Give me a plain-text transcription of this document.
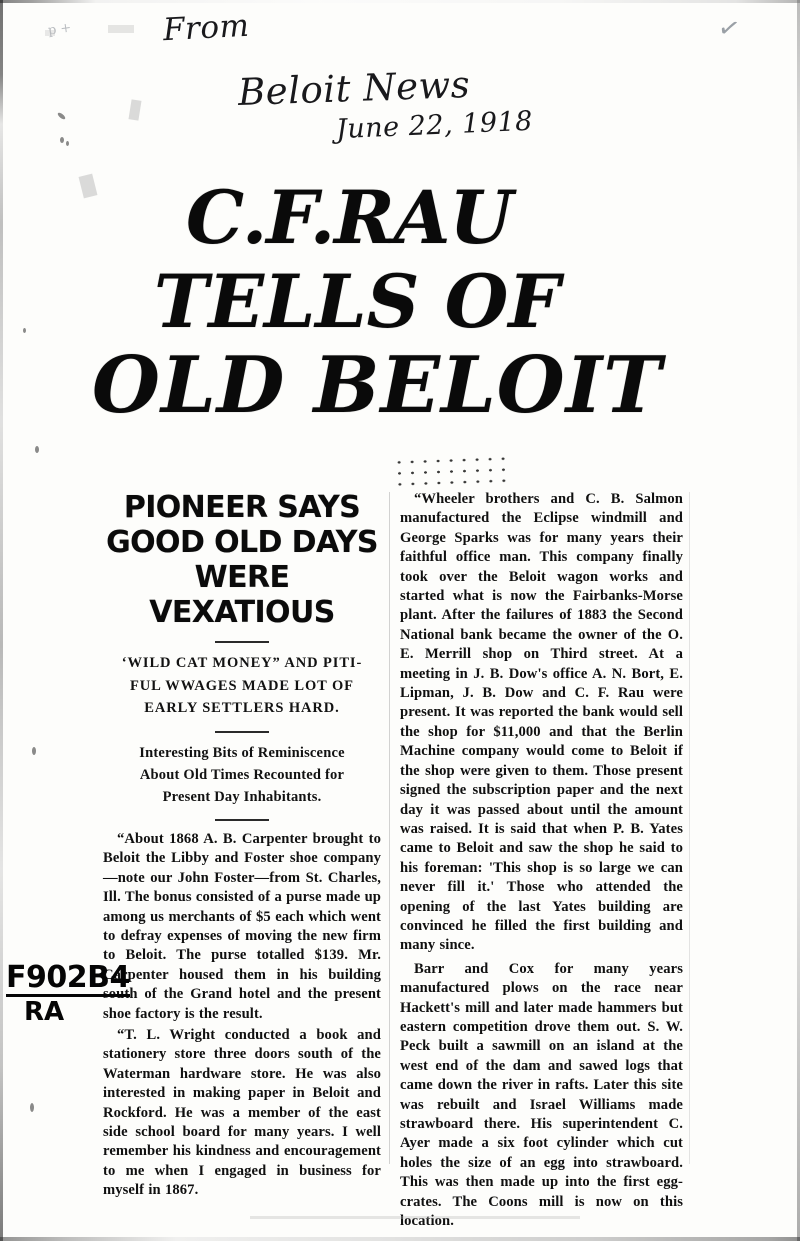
From
Beloit News
June 22, 1918
✓
p +
F902B4
RA
C.F.RAU
TELLS OF
OLD BELOIT
PIONEER SAYS
GOOD OLD DAYS
WERE VEXATIOUS
‘WILD CAT MONEY” AND PITI-
FUL WWAGES MADE LOT OF
EARLY SETTLERS HARD.
Interesting Bits of Reminiscence
About Old Times Recounted for
Present Day Inhabitants.

“About 1868 A. B. Carpenter brought to Beloit the Libby and Foster shoe company—note our John Foster—from St. Charles, Ill. The bonus consisted of a purse made up among us merchants of $5 each which went to defray expenses of moving the new firm to Beloit. The purse totalled $139. Mr. Carpenter housed them in his building south of the Grand hotel and the present shoe factory is the result.

“T. L. Wright conducted a book and stationery store three doors south of the Waterman hardware store. He was also interested in making paper in Beloit and Rockford. He was a member of the east side school board for many years. I well remember his kindness and encouragement to me when I engaged in business for myself in 1867.

“Wheeler brothers and C. B. Salmon manufactured the Eclipse windmill and George Sparks was for many years their faithful office man. This company finally took over the Beloit wagon works and started what is now the Fairbanks-Morse plant. After the failures of 1883 the Second National bank became the owner of the O. E. Merrill shop on Third street. At a meeting in J. B. Dow's office A. N. Bort, E. Lipman, J. B. Dow and C. F. Rau were present. It was reported the bank would sell the shop for $11,000 and that the Berlin Machine company would come to Beloit if the shop were given to them. Those present signed the subscription paper and the next day it was passed about until the amount was raised. It is said that when P. B. Yates came to Beloit and saw the shop he said to his foreman: 'This shop is so large we can never fill it.' Those who attended the opening of the last Yates building are convinced he filled the first building and many since.

Barr and Cox for many years manufactured plows on the race near Hackett's mill and later made hammers but eastern competition drove them out. S. W. Peck built a sawmill on an island at the west end of the dam and sawed logs that came down the river in rafts. Later this site was rebuilt and Israel Williams made strawboard there. His superintendent C. Ayer made a six foot cylinder which cut holes the size of an egg into strawboard. This was then made up into the first egg-crates. The Coons mill is now on this location.
